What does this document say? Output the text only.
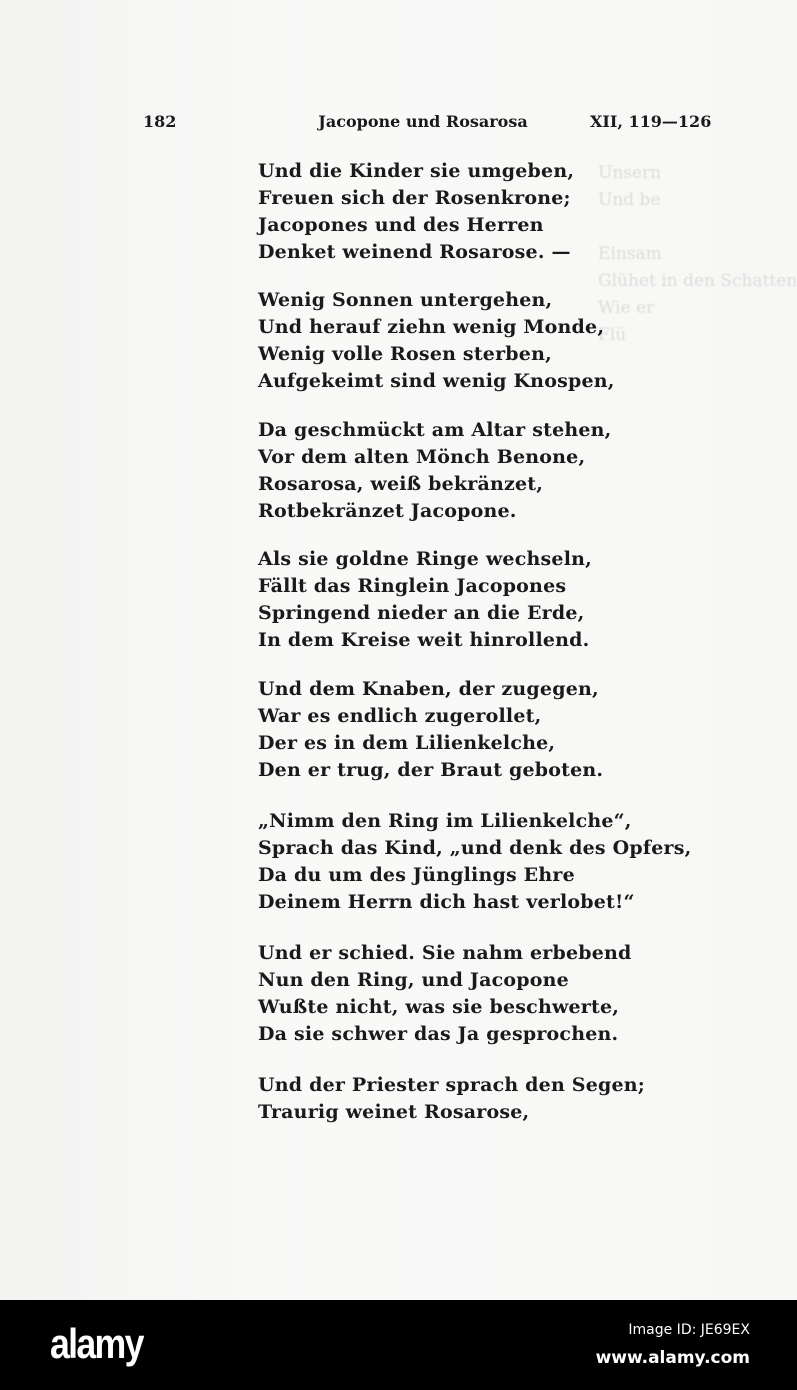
182	Jacopone und Rosarosa	XII, 119—126
Unsern
Und be

Einsam
Glühet in den Schatten
Wie er
Flü
Und die Kinder sie umgeben,
Freuen sich der Rosenkrone;
Jacopones und des Herren
Denket weinend Rosarose. —
Wenig Sonnen untergehen,
Und herauf ziehn wenig Monde,
Wenig volle Rosen sterben,
Aufgekeimt sind wenig Knospen,
Da geschmückt am Altar stehen,
Vor dem alten Mönch Benone,
Rosarosa, weiß bekränzet,
Rotbekränzet Jacopone.
Als sie goldne Ringe wechseln,
Fällt das Ringlein Jacopones
Springend nieder an die Erde,
In dem Kreise weit hinrollend.
Und dem Knaben, der zugegen,
War es endlich zugerollet,
Der es in dem Lilienkelche,
Den er trug, der Braut geboten.
„Nimm den Ring im Lilienkelche“,
Sprach das Kind, „und denk des Opfers,
Da du um des Jünglings Ehre
Deinem Herrn dich hast verlobet!“
Und er schied. Sie nahm erbebend
Nun den Ring, und Jacopone
Wußte nicht, was sie beschwerte,
Da sie schwer das Ja gesprochen.
Und der Priester sprach den Segen;
Traurig weinet Rosarose,
alamy	Image ID: JE69EX
www.alamy.com
